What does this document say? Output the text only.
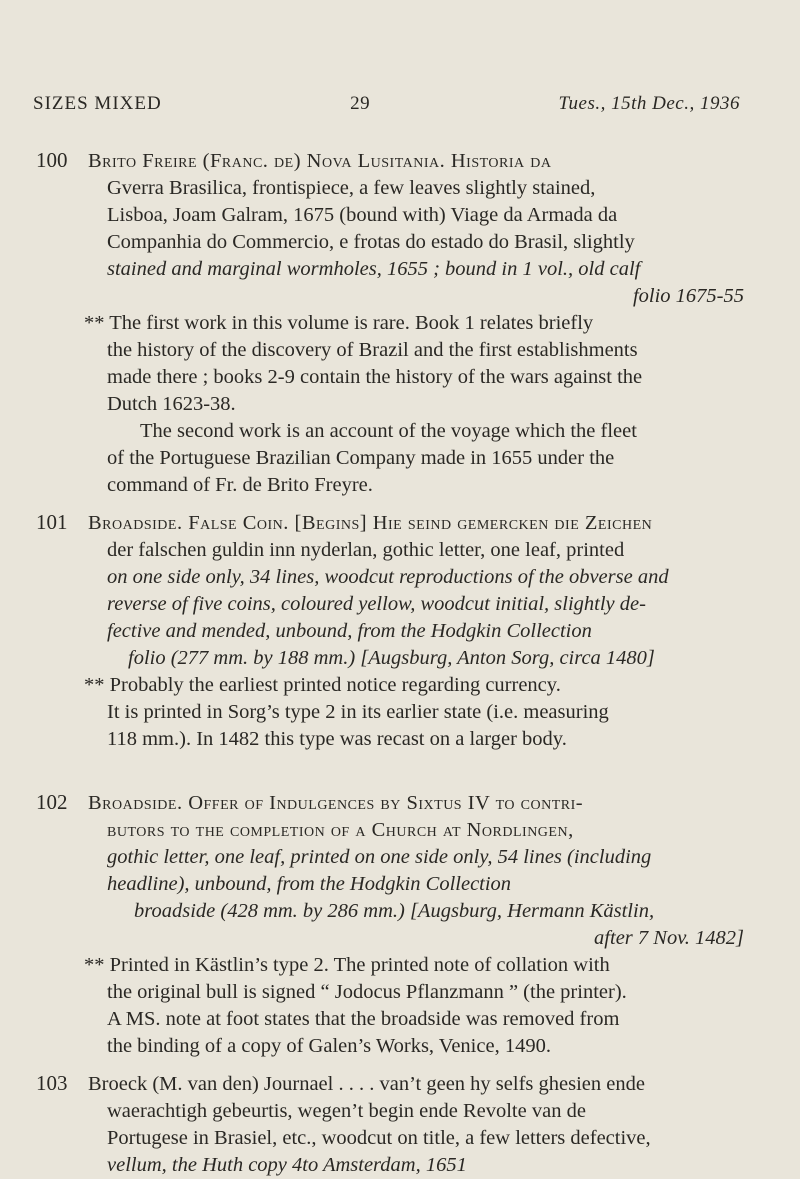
SIZES MIXED	29	Tues., 15th Dec., 1936
100 Brito Freire (Franc. de) Nova Lusitania. Historia da
Gverra Brasilica, frontispiece, a few leaves slightly stained,
Lisboa, Joam Galram, 1675 (bound with) Viage da Armada da
Companhia do Commercio, e frotas do estado do Brasil, slightly
stained and marginal wormholes, 1655 ; bound in 1 vol., old calf
folio 1675-55
** The first work in this volume is rare. Book 1 relates briefly
the history of the discovery of Brazil and the first establishments
made there ; books 2-9 contain the history of the wars against the
Dutch 1623-38.
The second work is an account of the voyage which the fleet
of the Portuguese Brazilian Company made in 1655 under the
command of Fr. de Brito Freyre.
101 Broadside. False Coin. [Begins] Hie seind gemercken die Zeichen
der falschen guldin inn nyderlan, gothic letter, one leaf, printed
on one side only, 34 lines, woodcut reproductions of the obverse and
reverse of five coins, coloured yellow, woodcut initial, slightly de-
fective and mended, unbound, from the Hodgkin Collection
folio (277 mm. by 188 mm.) [Augsburg, Anton Sorg, circa 1480]
** Probably the earliest printed notice regarding currency.
It is printed in Sorg’s type 2 in its earlier state (i.e. measuring
118 mm.). In 1482 this type was recast on a larger body.
102 Broadside. Offer of Indulgences by Sixtus IV to contri-
butors to the completion of a Church at Nordlingen,
gothic letter, one leaf, printed on one side only, 54 lines (including
headline), unbound, from the Hodgkin Collection
broadside (428 mm. by 286 mm.) [Augsburg, Hermann Kästlin,
after 7 Nov. 1482]
** Printed in Kästlin’s type 2. The printed note of collation with
the original bull is signed “ Jodocus Pflanzmann ” (the printer).
A MS. note at foot states that the broadside was removed from
the binding of a copy of Galen’s Works, Venice, 1490.
103 Broeck (M. van den) Journael . . . . van’t geen hy selfs ghesien ende
waerachtigh gebeurtis, wegen’t begin ende Revolte van de
Portugese in Brasiel, etc., woodcut on title, a few letters defective,
vellum, the Huth copy 4to Amsterdam, 1651
